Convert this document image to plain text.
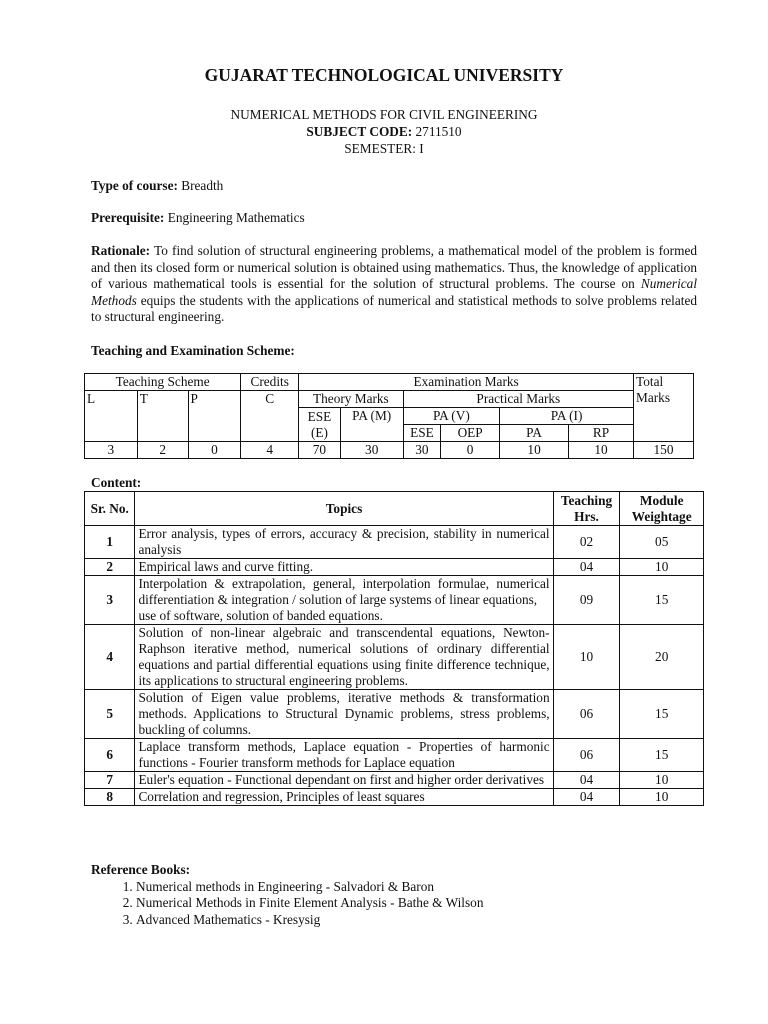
GUJARAT TECHNOLOGICAL UNIVERSITY
NUMERICAL METHODS FOR CIVIL ENGINEERING
SUBJECT CODE: 2711510
SEMESTER: I
Type of course: Breadth
Prerequisite: Engineering Mathematics
Rationale: To find solution of structural engineering problems, a mathematical model of the problem is formed and then its closed form or numerical solution is obtained using mathematics. Thus, the knowledge of application of various mathematical tools is essential for the solution of structural problems. The course on Numerical Methods equips the students with the applications of numerical and statistical methods to solve problems related to structural engineering.
Teaching and Examination Scheme:
Teaching Scheme			Credits	Examination Marks						Total Marks
L	T	P	C	Theory Marks		Practical Marks				
				ESE (E)	PA (M)	PA (V)		PA (I)		
						ESE	OEP	PA	RP	
3	2	0	4	70	30	30	0	10	10	150
Content:
Sr. No.	Topics	Teaching Hrs.	Module Weightage
1	Error analysis, types of errors, accuracy & precision, stability in numerical analysis	02	05
2	Empirical laws and curve fitting.	04	10
3	Interpolation & extrapolation, general, interpolation formulae, numerical differentiation & integration / solution of large systems of linear equations,
use of software, solution of banded equations.	09	15
4	Solution of non-linear algebraic and transcendental equations, Newton-Raphson iterative method, numerical solutions of ordinary differential equations and partial differential equations using finite difference technique, its applications to structural engineering problems.	10	20
5	Solution of Eigen value problems, iterative methods & transformation methods. Applications to Structural Dynamic problems, stress problems, buckling of columns.	06	15
6	Laplace transform methods, Laplace equation - Properties of harmonic functions - Fourier transform methods for Laplace equation	06	15
7	Euler's equation - Functional dependant on first and higher order derivatives	04	10
8	Correlation and regression, Principles of least squares	04	10
Reference Books:
1. Numerical methods in Engineering - Salvadori & Baron
2. Numerical Methods in Finite Element Analysis - Bathe & Wilson
3. Advanced Mathematics - Kresysig
